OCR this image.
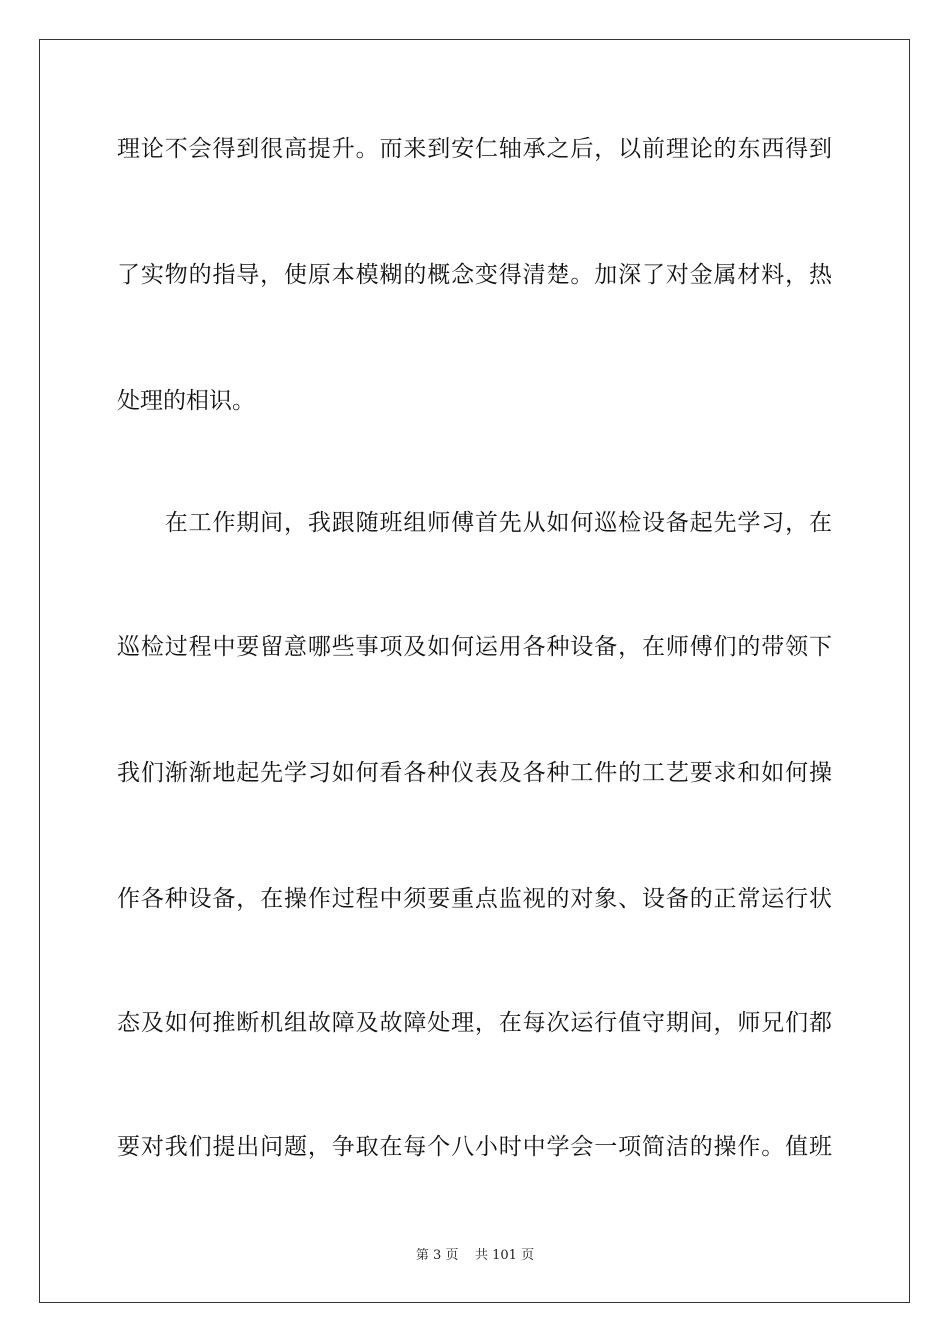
理论不会得到很高提升。而来到安仁轴承之后，以前理论的东西得到
了实物的指导，使原本模糊的概念变得清楚。加深了对金属材料，热
处理的相识。
　　在工作期间，我跟随班组师傅首先从如何巡检设备起先学习，在
巡检过程中要留意哪些事项及如何运用各种设备，在师傅们的带领下
我们渐渐地起先学习如何看各种仪表及各种工件的工艺要求和如何操
作各种设备，在操作过程中须要重点监视的对象、设备的正常运行状
态及如何推断机组故障及故障处理，在每次运行值守期间，师兄们都
要对我们提出问题，争取在每个八小时中学会一项简洁的操作。值班
第 3 页    共 101 页
